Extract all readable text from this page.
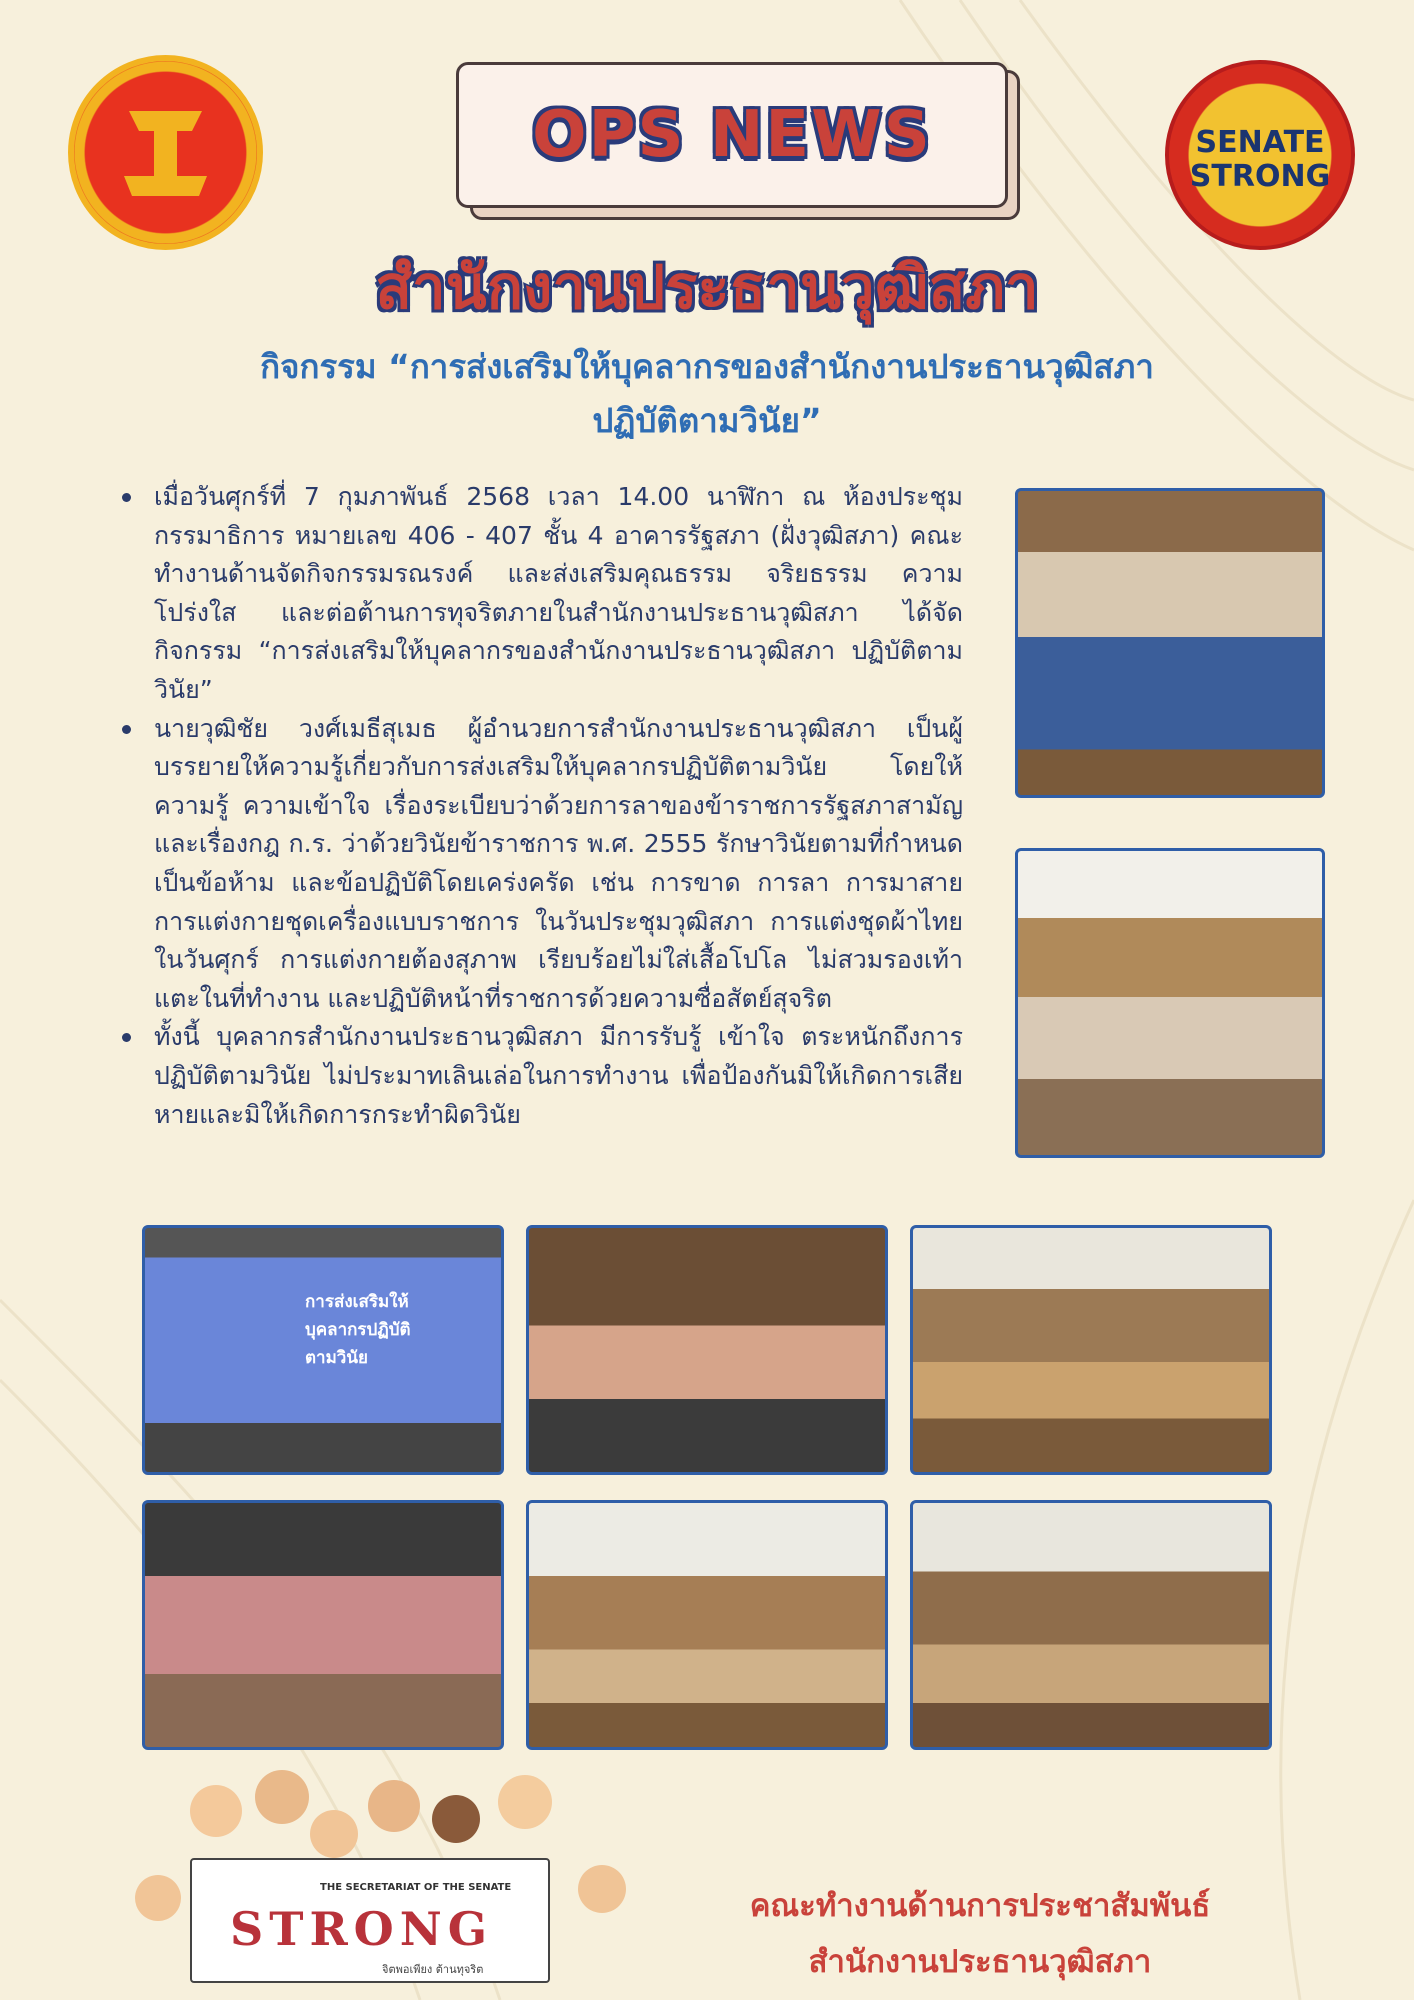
SENATE
STRONG
OPS NEWS
สำนักงานประธานวุฒิสภา
กิจกรรม “การส่งเสริมให้บุคลากรของสำนักงานประธานวุฒิสภา
ปฏิบัติตามวินัย”
เมื่อวันศุกร์ที่ 7 กุมภาพันธ์ 2568 เวลา 14.00 นาฬิกา ณ ห้องประชุมกรรมาธิการ หมายเลข 406 - 407 ชั้น 4 อาคารรัฐสภา (ฝั่งวุฒิสภา) คณะทำงานด้านจัดกิจกรรมรณรงค์ และส่งเสริมคุณธรรม จริยธรรม ความโปร่งใส และต่อต้านการทุจริตภายในสำนักงานประธานวุฒิสภา ได้จัดกิจกรรม “การส่งเสริมให้บุคลากรของสำนักงานประธานวุฒิสภา ปฏิบัติตามวินัย”
นายวุฒิชัย วงศ์เมธีสุเมธ ผู้อำนวยการสำนักงานประธานวุฒิสภา เป็นผู้บรรยายให้ความรู้เกี่ยวกับการส่งเสริมให้บุคลากรปฏิบัติตามวินัย โดยให้ความรู้ ความเข้าใจ เรื่องระเบียบว่าด้วยการลาของข้าราชการรัฐสภาสามัญ และเรื่องกฎ ก.ร. ว่าด้วยวินัยข้าราชการ พ.ศ. 2555 รักษาวินัยตามที่กำหนดเป็นข้อห้าม และข้อปฏิบัติโดยเคร่งครัด เช่น การขาด การลา การมาสาย การแต่งกายชุดเครื่องแบบราชการ ในวันประชุมวุฒิสภา การแต่งชุดผ้าไทยในวันศุกร์ การแต่งกายต้องสุภาพ เรียบร้อยไม่ใส่เสื้อโปโล ไม่สวมรองเท้าแตะในที่ทำงาน และปฏิบัติหน้าที่ราชการด้วยความซื่อสัตย์สุจริต
ทั้งนี้ บุคลากรสำนักงานประธานวุฒิสภา มีการรับรู้ เข้าใจ ตระหนักถึงการปฏิบัติตามวินัย ไม่ประมาทเลินเล่อในการทำงาน เพื่อป้องกันมิให้เกิดการเสียหายและมิให้เกิดการกระทำผิดวินัย
การส่งเสริมให้บุคลากรปฏิบัติตามวินัย
THE SECRETARIAT OF THE SENATE
STRONG
จิตพอเพียง ต้านทุจริต
คณะทำงานด้านการประชาสัมพันธ์
สำนักงานประธานวุฒิสภา
